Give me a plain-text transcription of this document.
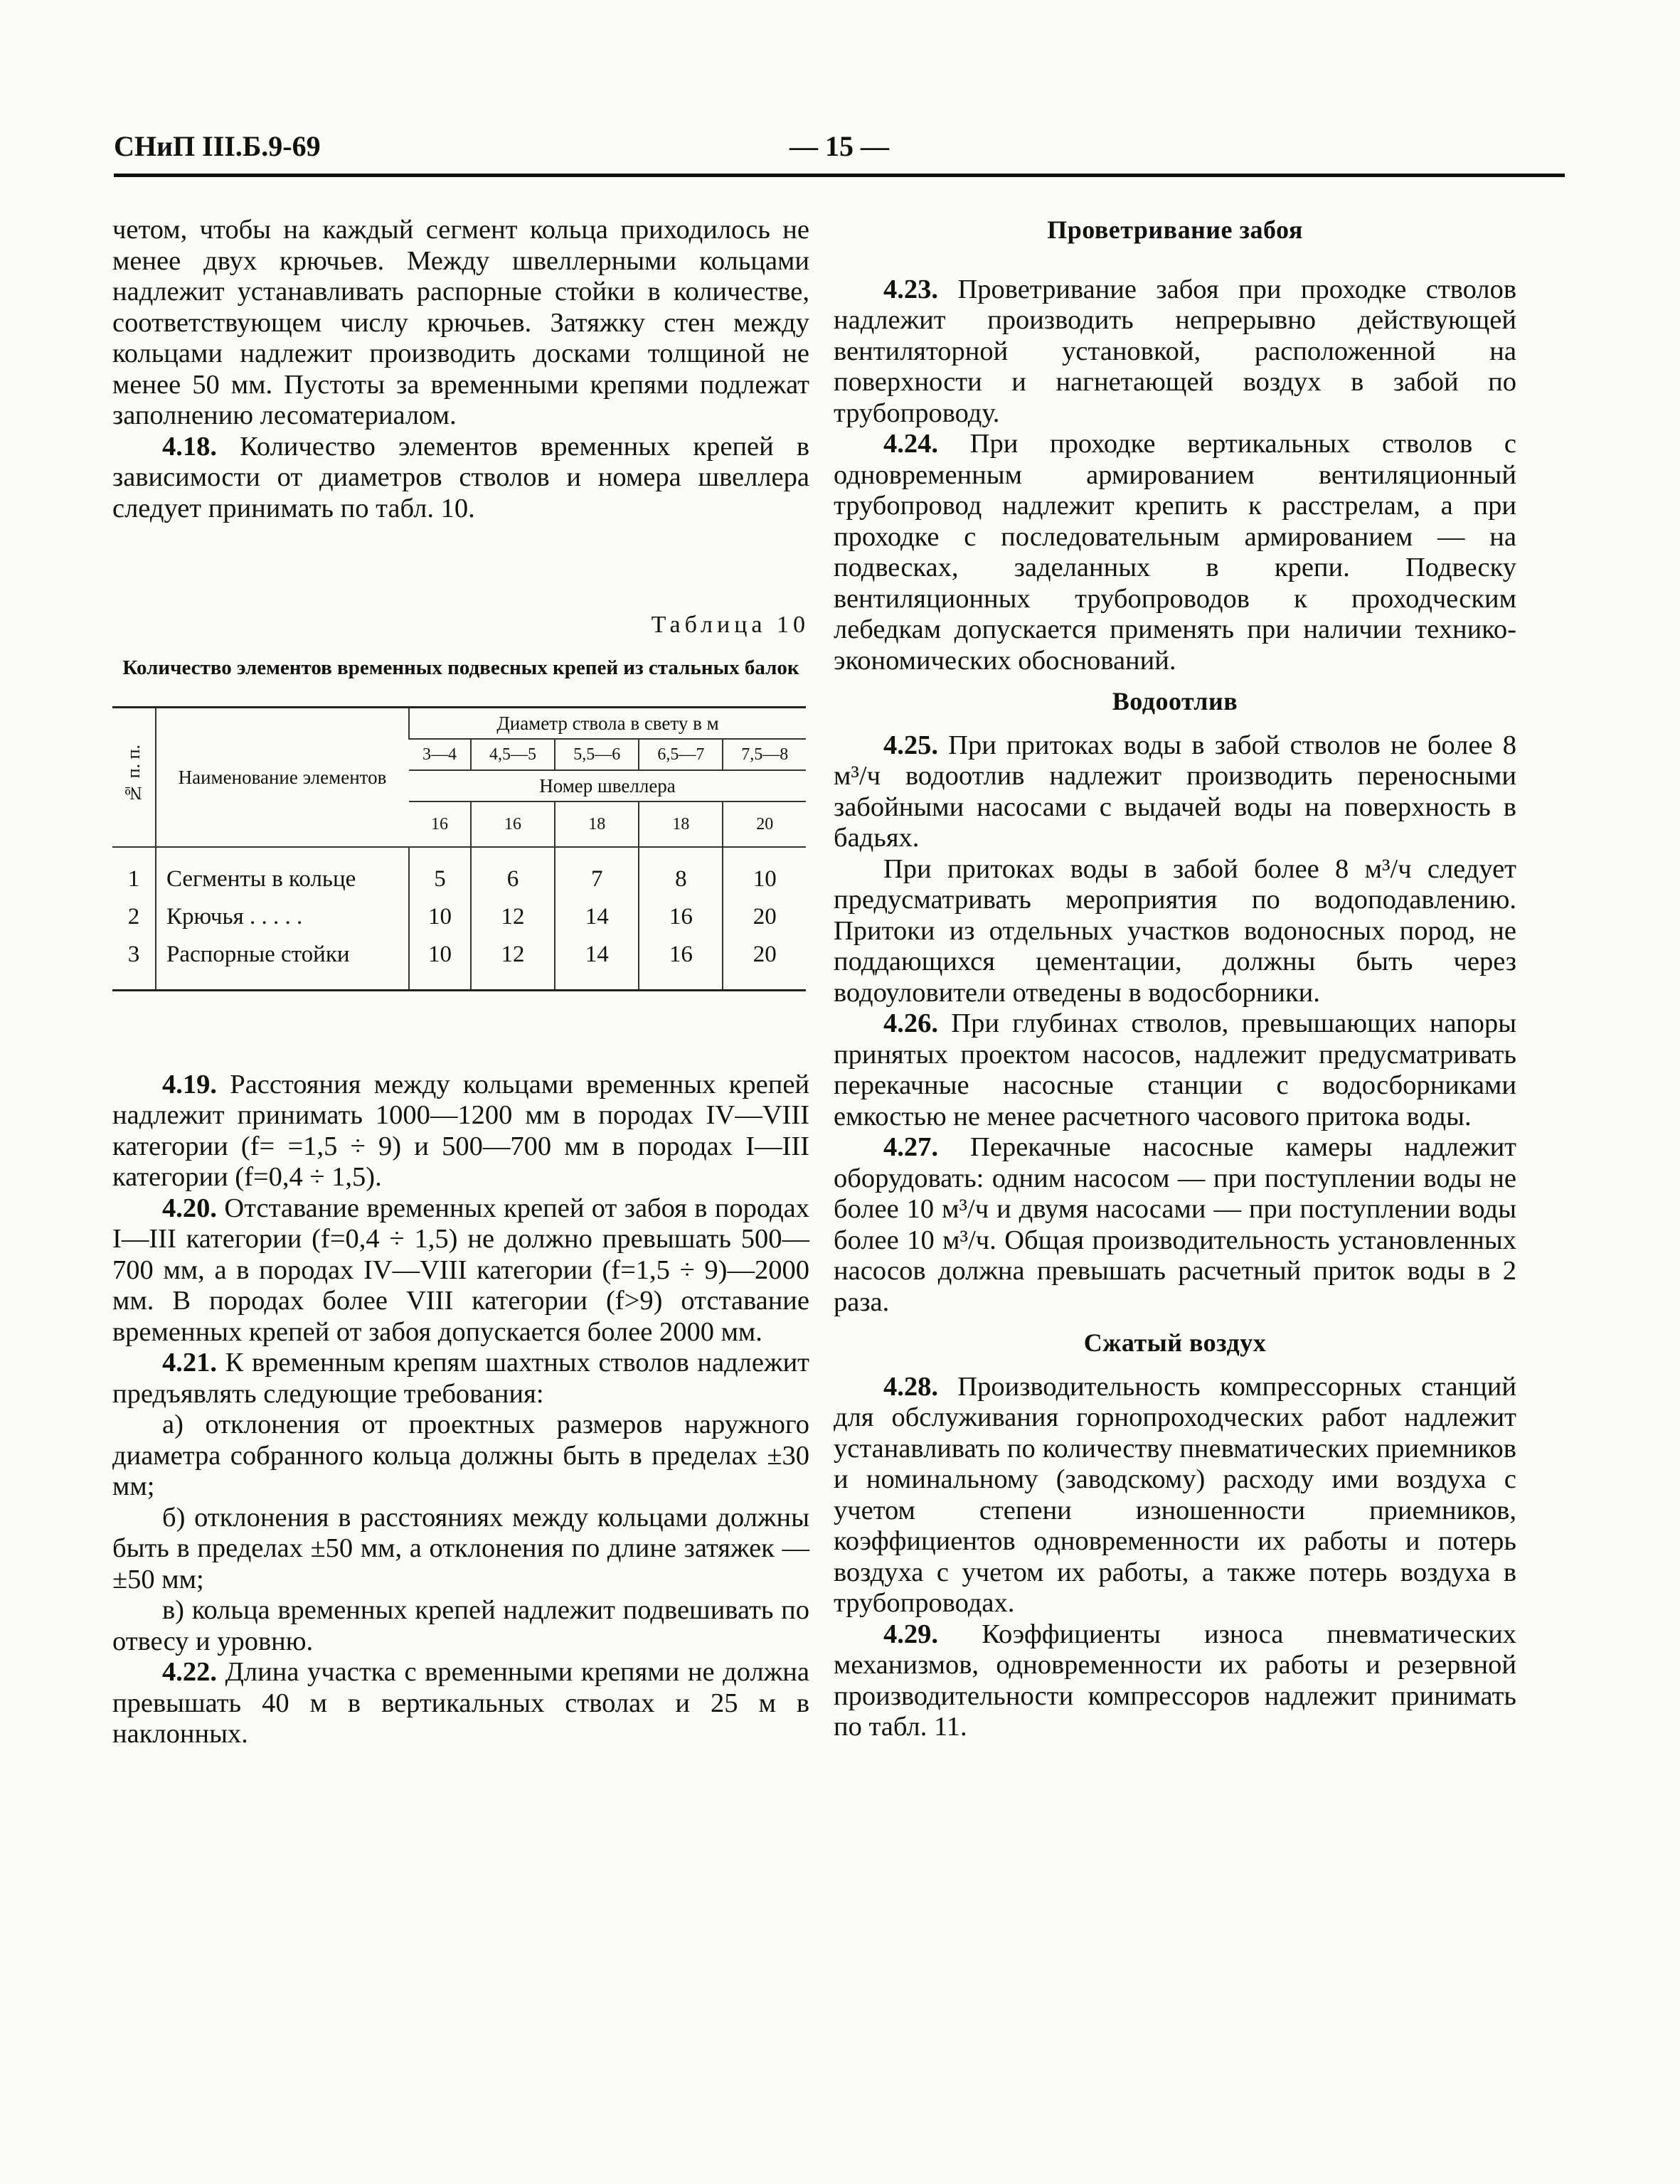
СНиП III.Б.9-69	— 15 —

четом, чтобы на каждый сегмент кольца приходилось не менее двух крючьев. Между швеллерными кольцами надлежит устанавливать распорные стойки в количестве, соответствующем числу крючьев. Затяжку стен между кольцами надлежит производить досками толщиной не менее 50 мм. Пустоты за временными крепями подлежат заполнению лесоматериалом.

4.18. Количество элементов временных крепей в зависимости от диаметров стволов и номера швеллера следует принимать по табл. 10.

Таблица 10
Количество элементов временных подвесных крепей из стальных балок
№ п. п.	Наименование элементов	Диаметр ствола в свету в м				
		3—4	4,5—5	5,5—6	6,5—7	7,5—8
		Номер швеллера				
		16	16	18	18	20
1	Сегменты в кольце	5	6	7	8	10
2	Крючья . . . . .	10	12	14	16	20
3	Распорные стойки	10	12	14	16	20

4.19. Расстояния между кольцами временных крепей надлежит принимать 1000—1200 мм в породах IV—VIII категории (f= =1,5 ÷ 9) и 500—700 мм в породах I—III категории (f=0,4 ÷ 1,5).

4.20. Отставание временных крепей от забоя в породах I—III категории (f=0,4 ÷ 1,5) не должно превышать 500—700 мм, а в породах IV—VIII категории (f=1,5 ÷ 9)—2000 мм. В породах более VIII категории (f>9) отставание временных крепей от забоя допускается более 2000 мм.

4.21. К временным крепям шахтных стволов надлежит предъявлять следующие требования:

а) отклонения от проектных размеров наружного диаметра собранного кольца должны быть в пределах ±30 мм;

б) отклонения в расстояниях между кольцами должны быть в пределах ±50 мм, а отклонения по длине затяжек — ±50 мм;

в) кольца временных крепей надлежит подвешивать по отвесу и уровню.

4.22. Длина участка с временными крепями не должна превышать 40 м в вертикальных стволах и 25 м в наклонных.

Проветривание забоя

4.23. Проветривание забоя при проходке стволов надлежит производить непрерывно действующей вентиляторной установкой, расположенной на поверхности и нагнетающей воздух в забой по трубопроводу.

4.24. При проходке вертикальных стволов с одновременным армированием вентиляционный трубопровод надлежит крепить к расстрелам, а при проходке с последовательным армированием — на подвесках, заделанных в крепи. Подвеску вентиляционных трубопроводов к проходческим лебедкам допускается применять при наличии технико-экономических обоснований.

Водоотлив

4.25. При притоках воды в забой стволов не более 8 м³/ч водоотлив надлежит производить переносными забойными насосами с выдачей воды на поверхность в бадьях.

При притоках воды в забой более 8 м³/ч следует предусматривать мероприятия по водоподавлению. Притоки из отдельных участков водоносных пород, не поддающихся цементации, должны быть через водоуловители отведены в водосборники.

4.26. При глубинах стволов, превышающих напоры принятых проектом насосов, надлежит предусматривать перекачные насосные станции с водосборниками емкостью не менее расчетного часового притока воды.

4.27. Перекачные насосные камеры надлежит оборудовать: одним насосом — при поступлении воды не более 10 м³/ч и двумя насосами — при поступлении воды более 10 м³/ч. Общая производительность установленных насосов должна превышать расчетный приток воды в 2 раза.

Сжатый воздух

4.28. Производительность компрессорных станций для обслуживания горнопроходческих работ надлежит устанавливать по количеству пневматических приемников и номинальному (заводскому) расходу ими воздуха с учетом степени изношенности приемников, коэффициентов одновременности их работы и потерь воздуха с учетом их работы, а также потерь воздуха в трубопроводах.

4.29. Коэффициенты износа пневматических механизмов, одновременности их работы и резервной производительности компрессоров надлежит принимать по табл. 11.
